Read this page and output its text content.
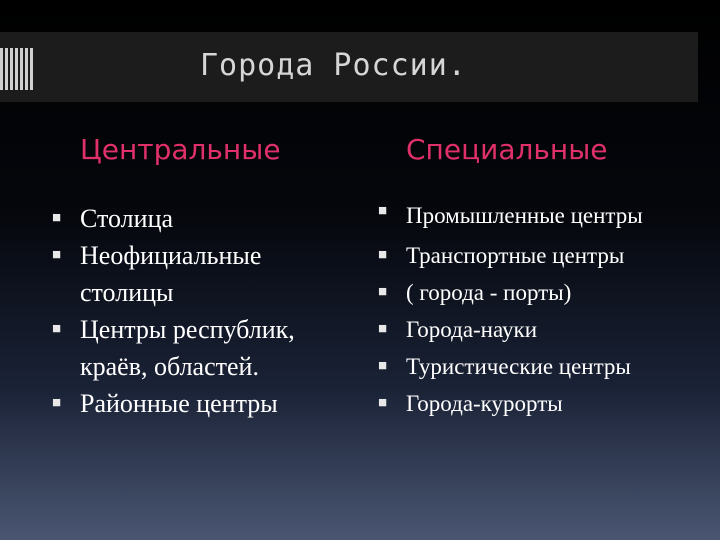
Города России.
Центральные	Специальные
■ Столица
■ Неофициальные столицы
■ Центры республик, краёв, областей.
■ Районные центры
■ Промышленные центры
■ Транспортные центры
■ ( города - порты)
■ Города-науки
■ Туристические центры
■ Города-курорты
